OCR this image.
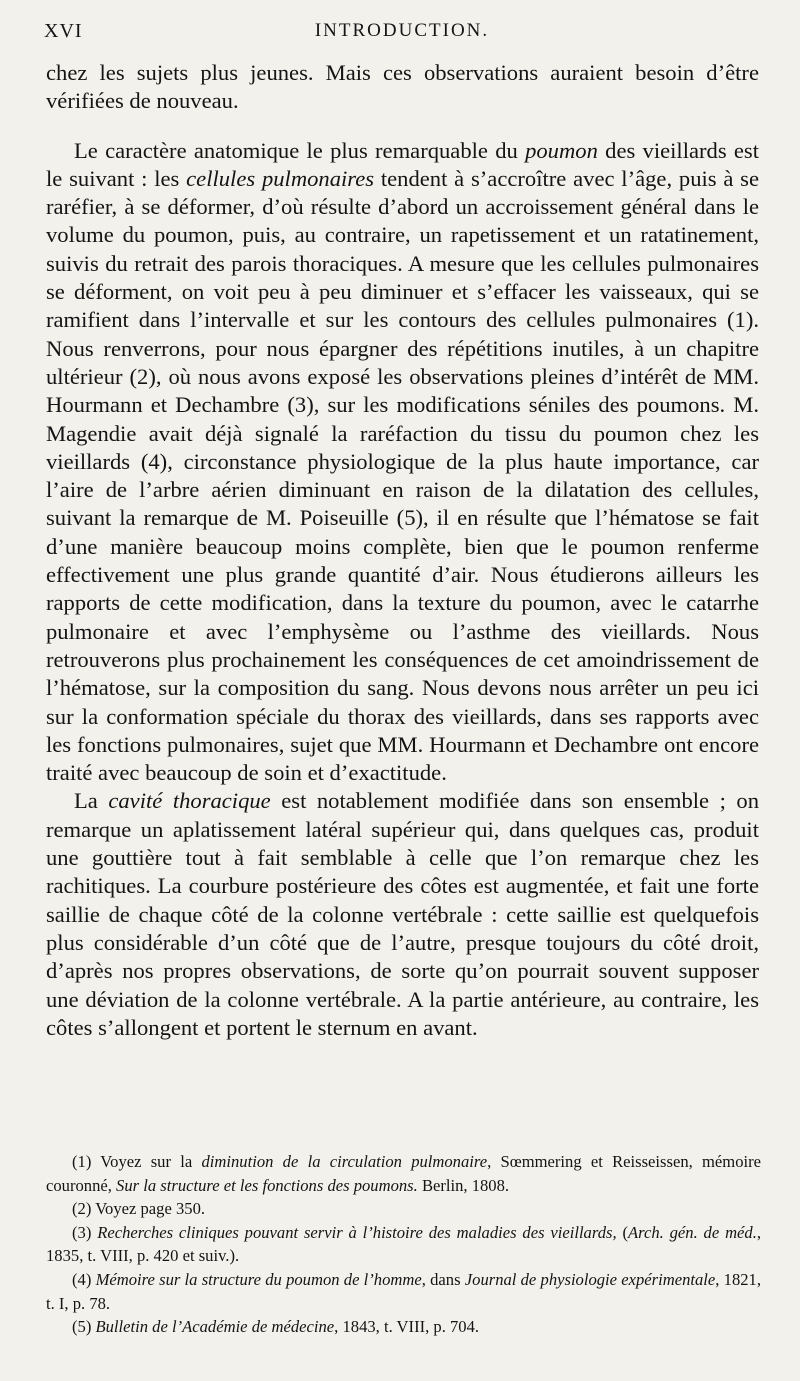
XVI	INTRODUCTION.

chez les sujets plus jeunes. Mais ces observations auraient besoin d’être vérifiées de nouveau.

Le caractère anatomique le plus remarquable du poumon des vieillards est le suivant : les cellules pulmonaires tendent à s’accroître avec l’âge, puis à se raréfier, à se déformer, d’où résulte d’abord un accroissement général dans le volume du poumon, puis, au contraire, un rapetissement et un ratatinement, suivis du retrait des parois thoraciques. A mesure que les cellules pulmonaires se déforment, on voit peu à peu diminuer et s’effacer les vaisseaux, qui se ramifient dans l’intervalle et sur les contours des cellules pulmonaires (1). Nous renverrons, pour nous épargner des répétitions inutiles, à un chapitre ultérieur (2), où nous avons exposé les observations pleines d’intérêt de MM. Hourmann et Dechambre (3), sur les modifications séniles des poumons. M. Magendie avait déjà signalé la raréfaction du tissu du poumon chez les vieillards (4), circonstance physiologique de la plus haute importance, car l’aire de l’arbre aérien diminuant en raison de la dilatation des cellules, suivant la remarque de M. Poiseuille (5), il en résulte que l’hématose se fait d’une manière beaucoup moins complète, bien que le poumon renferme effectivement une plus grande quantité d’air. Nous étudierons ailleurs les rapports de cette modification, dans la texture du poumon, avec le catarrhe pulmonaire et avec l’emphysème ou l’asthme des vieillards. Nous retrouverons plus prochainement les conséquences de cet amoindrissement de l’hématose, sur la composition du sang. Nous devons nous arrêter un peu ici sur la conformation spéciale du thorax des vieillards, dans ses rapports avec les fonctions pulmonaires, sujet que MM. Hourmann et Dechambre ont encore traité avec beaucoup de soin et d’exactitude.

La cavité thoracique est notablement modifiée dans son ensemble ; on remarque un aplatissement latéral supérieur qui, dans quelques cas, produit une gouttière tout à fait semblable à celle que l’on remarque chez les rachitiques. La courbure postérieure des côtes est augmentée, et fait une forte saillie de chaque côté de la colonne vertébrale : cette saillie est quelquefois plus considérable d’un côté que de l’autre, presque toujours du côté droit, d’après nos propres observations, de sorte qu’on pourrait souvent supposer une déviation de la colonne vertébrale. A la partie antérieure, au contraire, les côtes s’allongent et portent le sternum en avant.

(1) Voyez sur la diminution de la circulation pulmonaire, Sœmmering et Reisseissen, mémoire couronné, Sur la structure et les fonctions des poumons. Berlin, 1808.

(2) Voyez page 350.

(3) Recherches cliniques pouvant servir à l’histoire des maladies des vieillards, (Arch. gén. de méd., 1835, t. VIII, p. 420 et suiv.).

(4) Mémoire sur la structure du poumon de l’homme, dans Journal de physiologie expérimentale, 1821, t. I, p. 78.

(5) Bulletin de l’Académie de médecine, 1843, t. VIII, p. 704.
